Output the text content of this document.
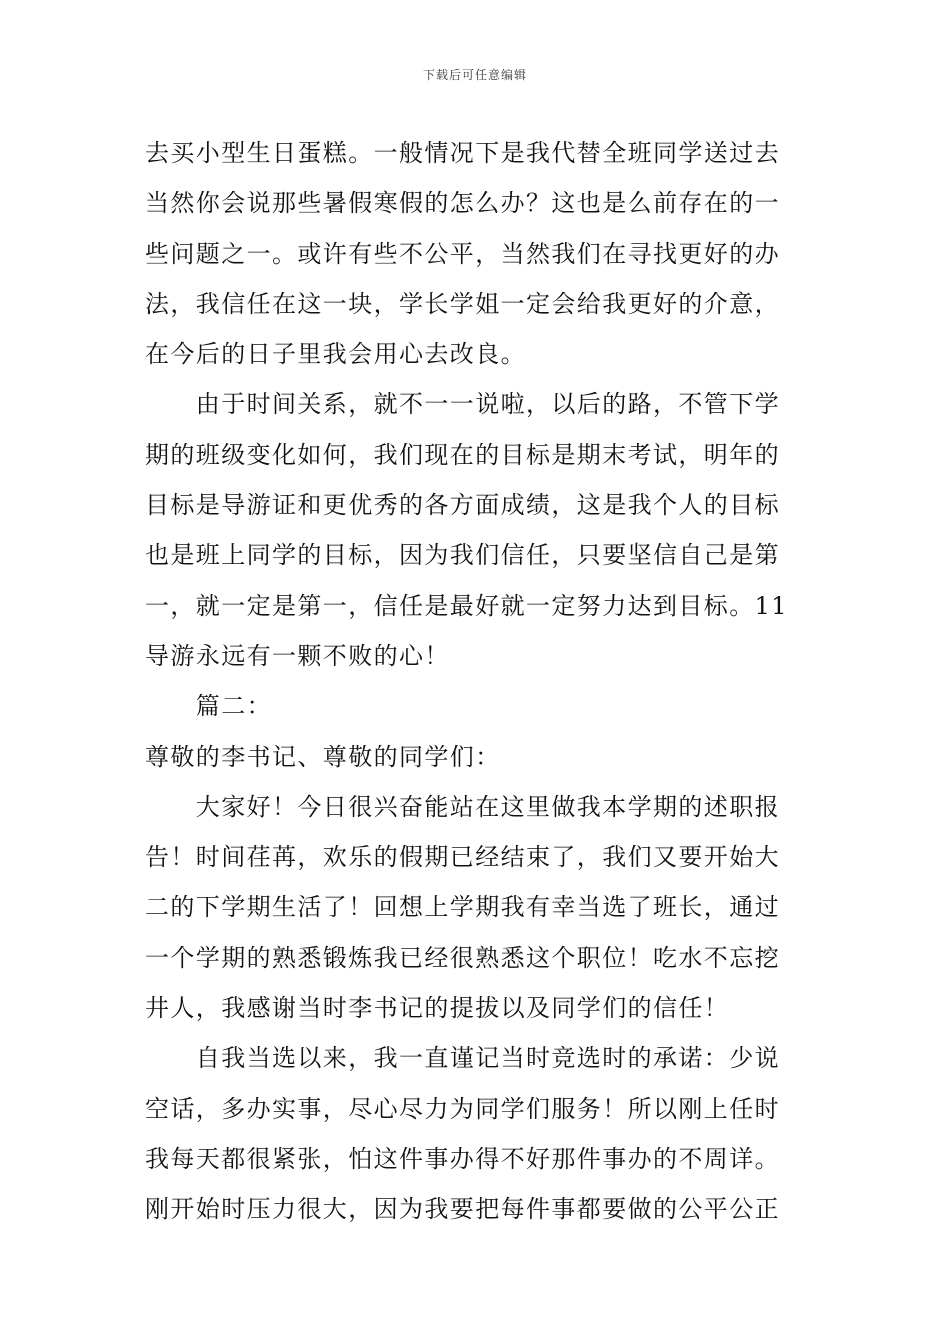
下载后可任意编辑
去买小型生日蛋糕。一般情况下是我代替全班同学送过去
当然你会说那些暑假寒假的怎么办？这也是么前存在的一
些问题之一。或许有些不公平，当然我们在寻找更好的办
法，我信任在这一块，学长学姐一定会给我更好的介意，
在今后的日子里我会用心去改良。
　　由于时间关系，就不一一说啦，以后的路，不管下学
期的班级变化如何，我们现在的目标是期末考试，明年的
目标是导游证和更优秀的各方面成绩，这是我个人的目标
也是班上同学的目标，因为我们信任，只要坚信自己是第
一，就一定是第一，信任是最好就一定努力达到目标。11
导游永远有一颗不败的心！
　　篇二：
尊敬的李书记、尊敬的同学们：
　　大家好！今日很兴奋能站在这里做我本学期的述职报
告！时间荏苒，欢乐的假期已经结束了，我们又要开始大
二的下学期生活了！回想上学期我有幸当选了班长，通过
一个学期的熟悉锻炼我已经很熟悉这个职位！吃水不忘挖
井人，我感谢当时李书记的提拔以及同学们的信任！
　　自我当选以来，我一直谨记当时竞选时的承诺：少说
空话，多办实事，尽心尽力为同学们服务！所以刚上任时
我每天都很紧张，怕这件事办得不好那件事办的不周详。
刚开始时压力很大，因为我要把每件事都要做的公平公正
